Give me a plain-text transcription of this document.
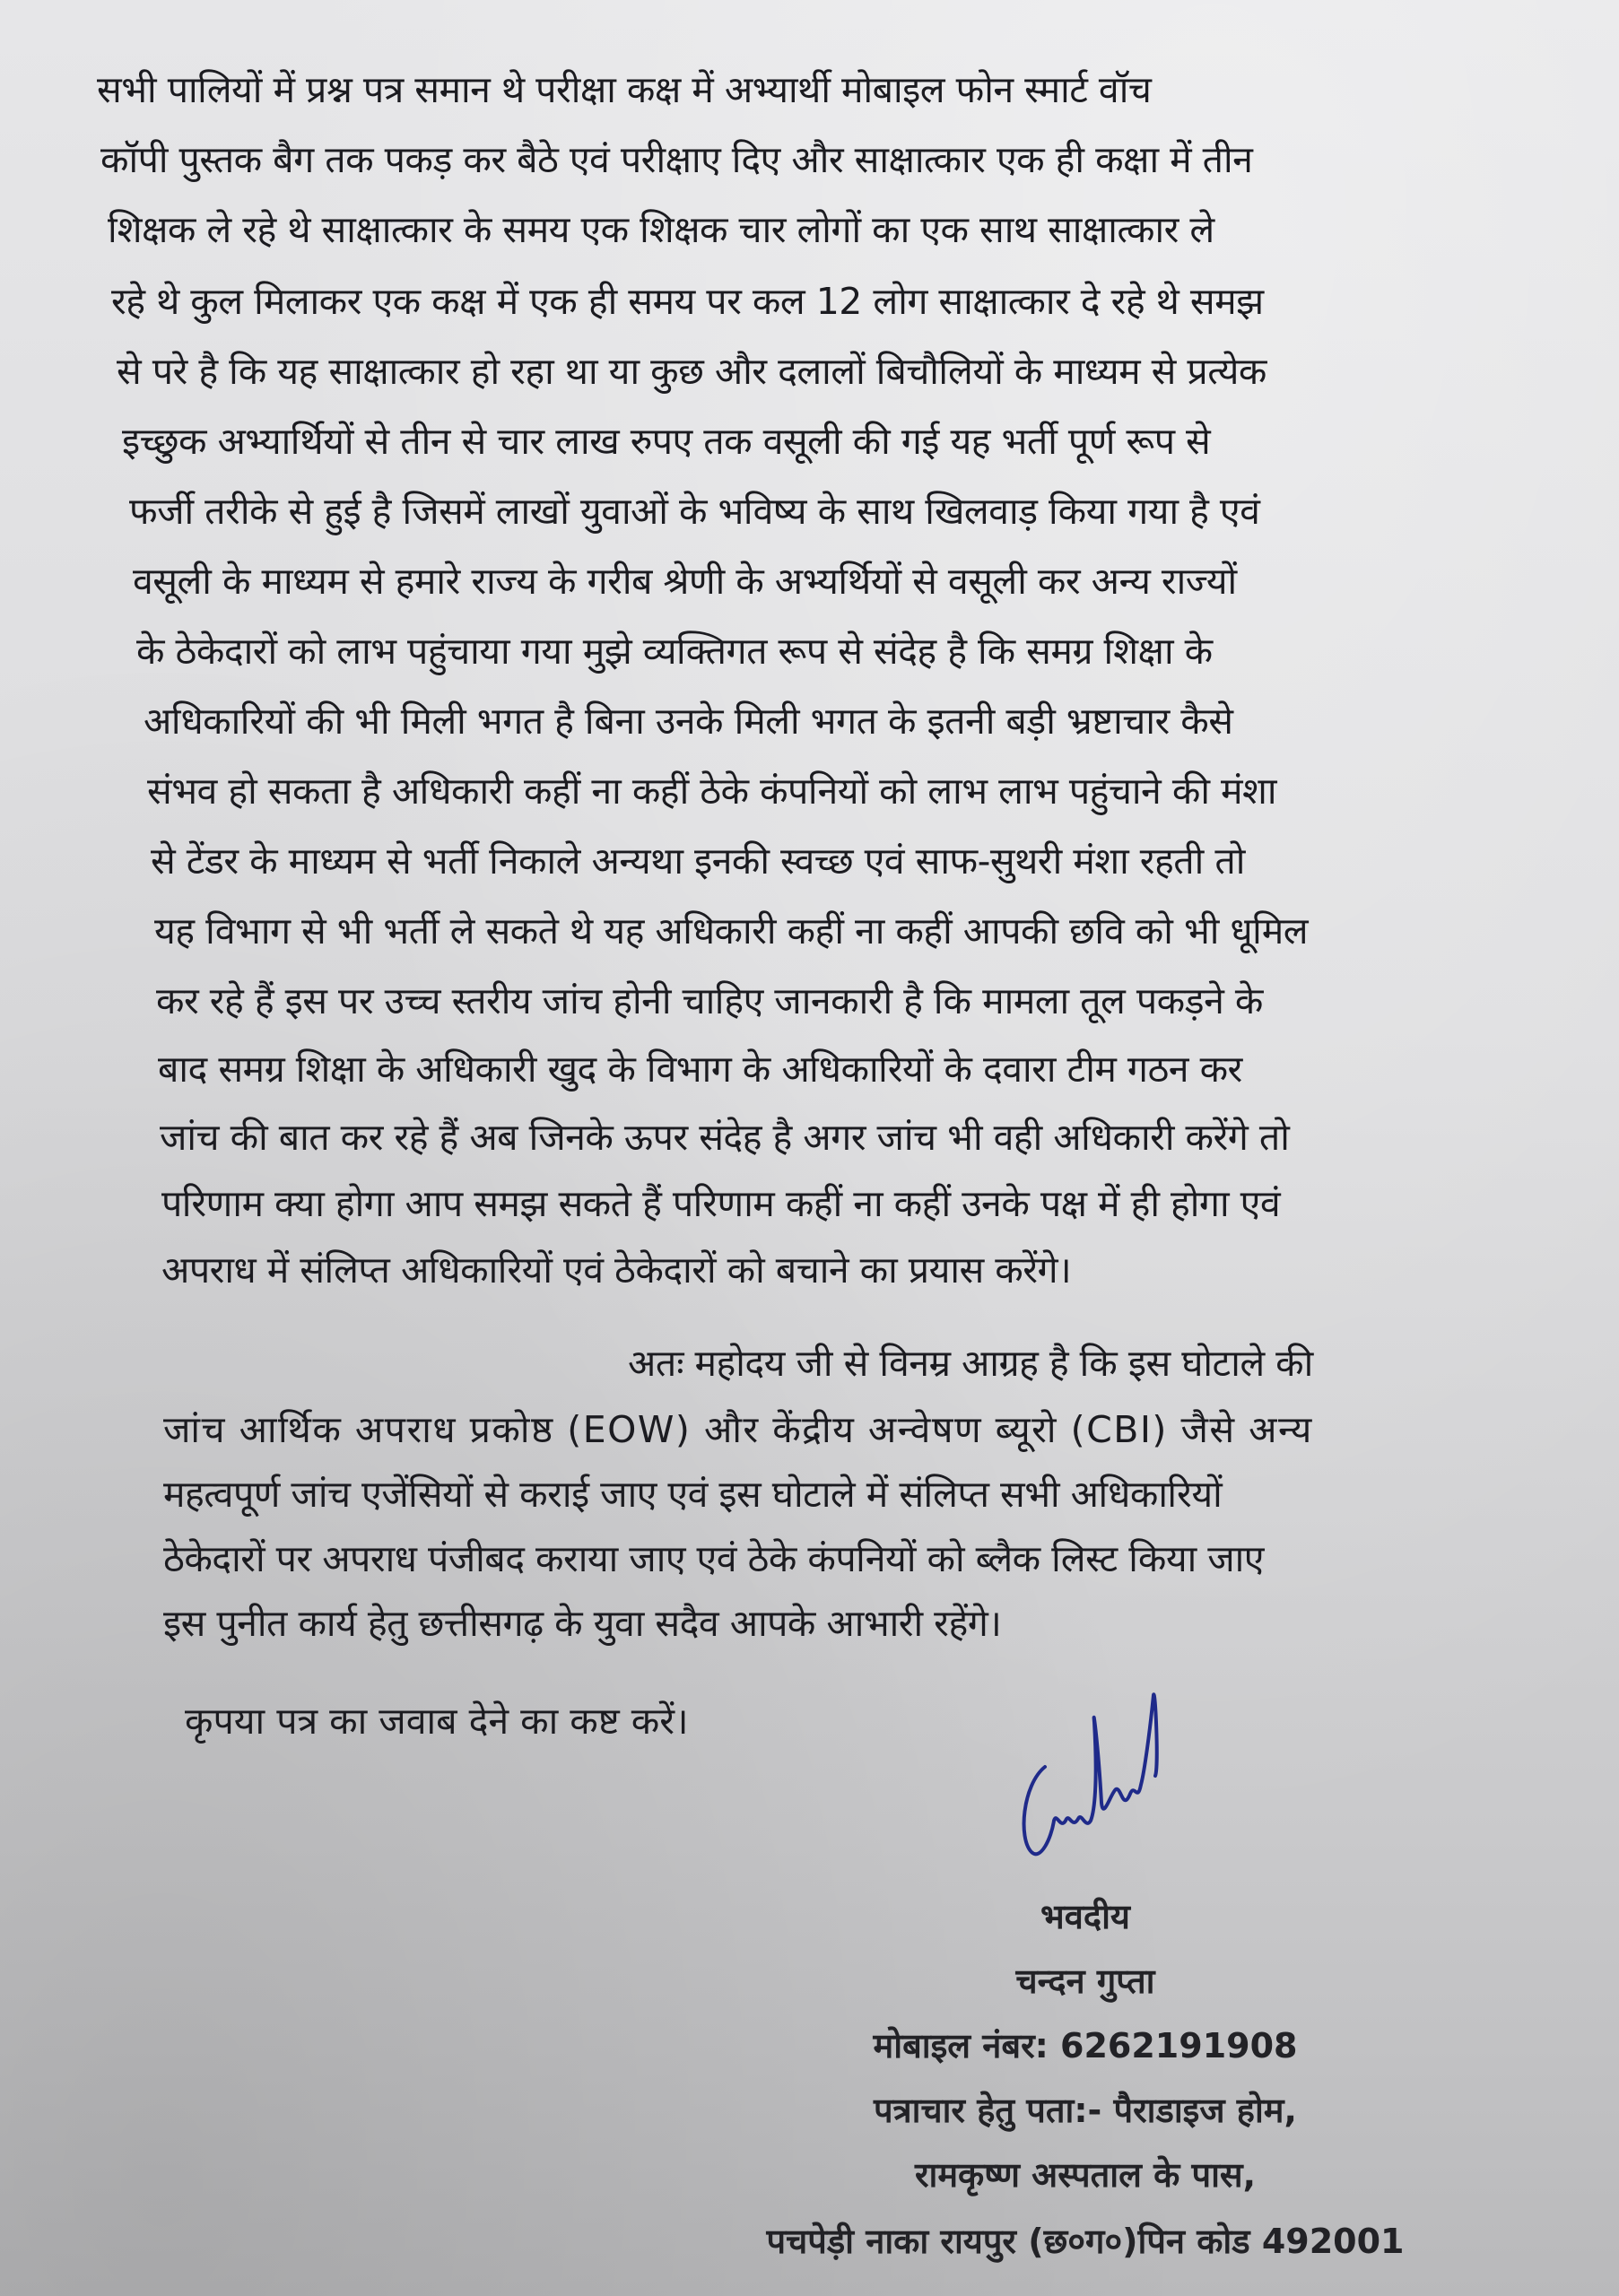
सभी पालियों में प्रश्न पत्र समान थे परीक्षा कक्ष में अभ्यार्थी मोबाइल फोन स्मार्ट वॉच
कॉपी पुस्तक बैग तक पकड़ कर बैठे एवं परीक्षाए दिए और साक्षात्कार एक ही कक्षा में तीन
शिक्षक ले रहे थे साक्षात्कार के समय एक शिक्षक चार लोगों का एक साथ साक्षात्कार ले
रहे थे कुल मिलाकर एक कक्ष में एक ही समय पर कल 12 लोग साक्षात्कार दे रहे थे समझ
से परे है कि यह साक्षात्कार हो रहा था या कुछ और दलालों बिचौलियों के माध्यम से प्रत्येक
इच्छुक अभ्यार्थियों से तीन से चार लाख रुपए तक वसूली की गई यह भर्ती पूर्ण रूप से
फर्जी तरीके से हुई है जिसमें लाखों युवाओं के भविष्य के साथ खिलवाड़ किया गया है एवं
वसूली के माध्यम से हमारे राज्य के गरीब श्रेणी के अभ्यर्थियों से वसूली कर अन्य राज्यों
के ठेकेदारों को लाभ पहुंचाया गया मुझे व्यक्तिगत रूप से संदेह है कि समग्र शिक्षा के
अधिकारियों की भी मिली भगत है बिना उनके मिली भगत के इतनी बड़ी भ्रष्टाचार कैसे
संभव हो सकता है अधिकारी कहीं ना कहीं ठेके कंपनियों को लाभ लाभ पहुंचाने की मंशा
से टेंडर के माध्यम से भर्ती निकाले अन्यथा इनकी स्वच्छ एवं साफ-सुथरी मंशा रहती तो
यह विभाग से भी भर्ती ले सकते थे यह अधिकारी कहीं ना कहीं आपकी छवि को भी धूमिल
कर रहे हैं इस पर उच्च स्तरीय जांच होनी चाहिए जानकारी है कि मामला तूल पकड़ने के
बाद समग्र शिक्षा के अधिकारी खुद के विभाग के अधिकारियों के दवारा टीम गठन कर
जांच की बात कर रहे हैं अब जिनके ऊपर संदेह है अगर जांच भी वही अधिकारी करेंगे तो
परिणाम क्या होगा आप समझ सकते हैं परिणाम कहीं ना कहीं उनके पक्ष में ही होगा एवं
अपराध में संलिप्त अधिकारियों एवं ठेकेदारों को बचाने का प्रयास करेंगे।
अतः महोदय जी से विनम्र आग्रह है कि इस घोटाले की
जांच आर्थिक अपराध प्रकोष्ठ (EOW) और केंद्रीय अन्वेषण ब्यूरो (CBI) जैसे अन्य
महत्वपूर्ण जांच एजेंसियों से कराई जाए एवं इस घोटाले में संलिप्त सभी अधिकारियों
ठेकेदारों पर अपराध पंजीबद कराया जाए एवं ठेके कंपनियों को ब्लैक लिस्ट किया जाए
इस पुनीत कार्य हेतु छत्तीसगढ़ के युवा सदैव आपके आभारी रहेंगे।
कृपया पत्र का जवाब देने का कष्ट करें।
भवदीय
चन्दन गुप्ता
मोबाइल नंबर: 6262191908
पत्राचार हेतु पता:- पैराडाइज होम,
रामकृष्ण अस्पताल के पास,
पचपेड़ी नाका रायपुर (छ०ग०)पिन कोड 492001
